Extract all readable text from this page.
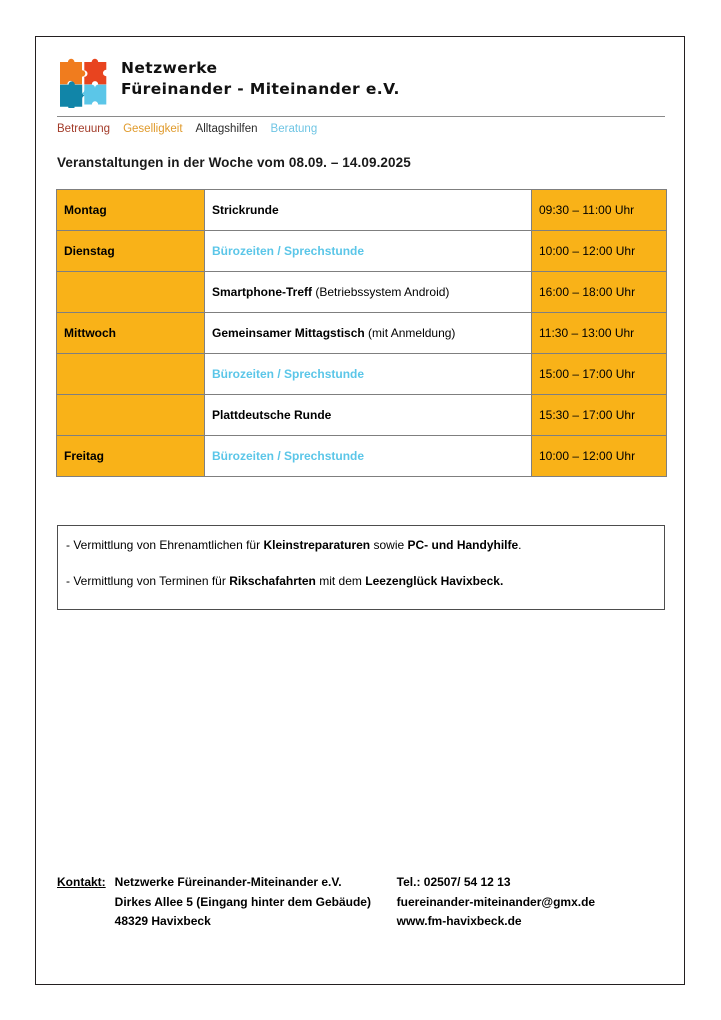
Netzwerke
Füreinander - Miteinander e.V.
Betreuung Geselligkeit Alltagshilfen Beratung
Veranstaltungen in der Woche vom 08.09. – 14.09.2025
Montag	Strickrunde	09:30 – 11:00 Uhr
Dienstag	Bürozeiten / Sprechstunde	10:00 – 12:00 Uhr
	Smartphone-Treff (Betriebssystem Android)	16:00 – 18:00 Uhr
Mittwoch	Gemeinsamer Mittagstisch (mit Anmeldung)	11:30 – 13:00 Uhr
	Bürozeiten / Sprechstunde	15:00 – 17:00 Uhr
	Plattdeutsche Runde	15:30 – 17:00 Uhr
Freitag	Bürozeiten / Sprechstunde	10:00 – 12:00 Uhr
- Vermittlung von Ehrenamtlichen für Kleinstreparaturen sowie PC- und Handyhilfe.
- Vermittlung von Terminen für Rikschafahrten mit dem Leezenglück Havixbeck.
Kontakt: Netzwerke Füreinander-Miteinander e.V.
Dirkes Allee 5 (Eingang hinter dem Gebäude)
48329 Havixbeck
Tel.: 02507/ 54 12 13
fuereinander-miteinander@gmx.de
www.fm-havixbeck.de
